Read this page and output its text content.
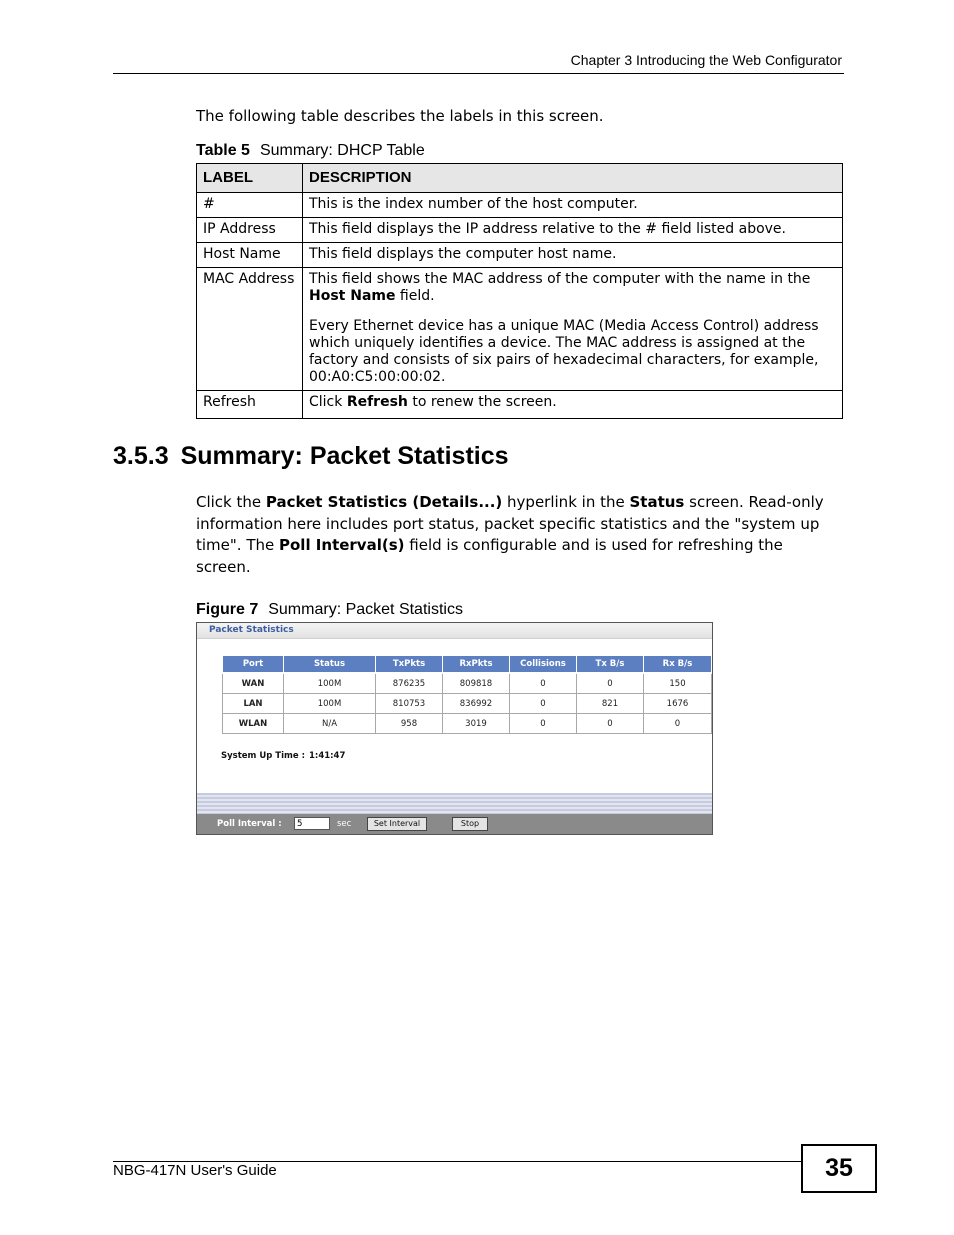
Chapter 3 Introducing the Web Configurator
The following table describes the labels in this screen.
Table 5 Summary: DHCP Table
LABEL	DESCRIPTION
#	This is the index number of the host computer.
IP Address	This field displays the IP address relative to the # field listed above.
Host Name	This field displays the computer host name.
MAC Address	This field shows the MAC address of the computer with the name in the Host Name field.

Every Ethernet device has a unique MAC (Media Access Control) address which uniquely identifies a device. The MAC address is assigned at the factory and consists of six pairs of hexadecimal characters, for example, 00:A0:C5:00:00:02.

Refresh	Click Refresh to renew the screen.
3.5.3 Summary: Packet Statistics

Click the Packet Statistics (Details...) hyperlink in the Status screen. Read-only information here includes port status, packet specific statistics and the "system up time". The Poll Interval(s) field is configurable and is used for refreshing the screen.

Figure 7 Summary: Packet Statistics
Packet Statistics
Port	Status	TxPkts	RxPkts	Collisions	Tx B/s	Rx B/s
WAN	100M	876235	809818	0	0	150
LAN	100M	810753	836992	0	821	1676
WLAN	N/A	958	3019	0	0	0
System Up Time : 1:41:47
Poll Interval :
5	sec	Set Interval	Stop
NBG-417N User's Guide	35
